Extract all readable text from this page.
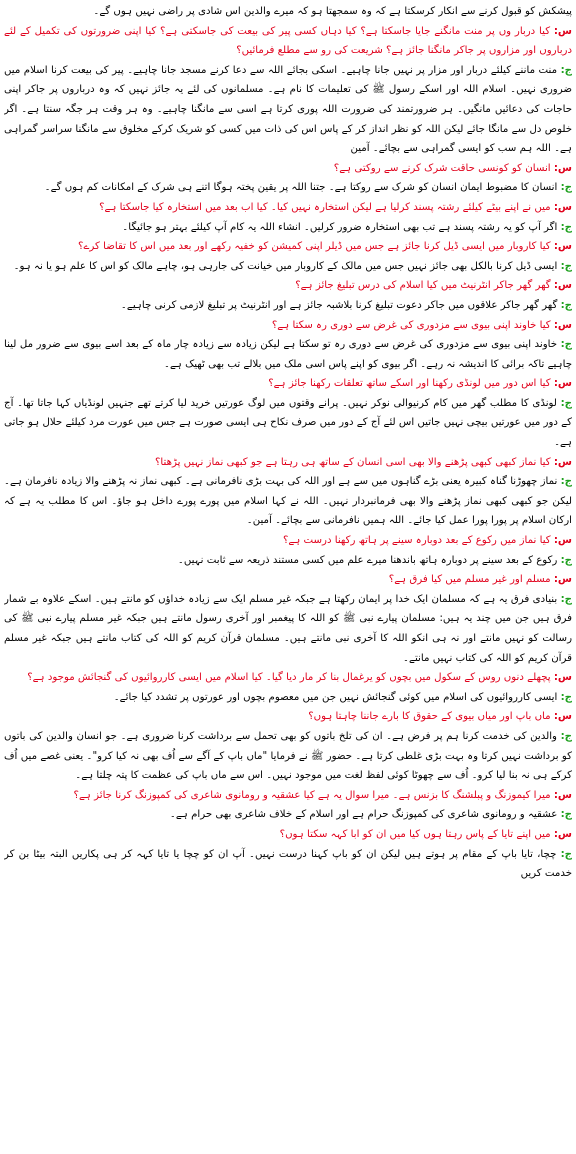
پیشکش کو قبول کرنے سے انکار کرسکتا ہے کہ وہ سمجھتا ہو کہ میرے والدین اس شادی پر راضی نہیں ہوں گے۔

س: کیا دربار وں پر منت مانگنے جایا جاسکتا ہے؟ کیا دہاں کسی پیر کی بیعت کی جاسکتی ہے؟ کیا اپنی ضرورتوں کی تکمیل کے لئے درباروں اور مزاروں پر جاکر مانگنا جائز ہے؟ شریعت کی رو سے مطلع فرمائیں؟

ج: منت ماننے کیلئے دربار اور مزار پر نہیں جانا چاہیے۔ اسکی بجائے اللہ سے دعا کرنے مسجد جانا چاہیے۔ پیر کی بیعت کرنا اسلام میں ضروری نہیں۔ اسلام اللہ اور اسکے رسول ﷺ کی تعلیمات کا نام ہے۔ مسلمانوں کی لئے یہ جائز نہیں کہ وہ درباروں پر جاکر اپنی حاجات کی دعائیں مانگیں۔ ہر ضرورتمند کی ضرورت اللہ پوری کرتا ہے اسی سے مانگنا چاہیے۔ وہ ہر وقت ہر جگہ سنتا ہے۔ اگر خلوص دل سے مانگا جائے لیکن اللہ کو نظر انداز کر کے پاس اس کی ذات میں کسی کو شریک کرکے مخلوق سے مانگنا سراسر گمراہی ہے۔ اللہ ہم سب کو ایسی گمراہی سے بچائے۔ آمین

س: انسان کو کونسی حاقت شرک کرنے سے روکتی ہے؟

ج: انسان کا مضبوط ایمان انسان کو شرک سے روکتا ہے۔ جتنا اللہ پر یقین پختہ ہوگا اتنے ہی شرک کے امکانات کم ہوں گے۔

س: میں نے اپنے بیٹے کیلئے رشتہ پسند کرلیا ہے لیکن استخارہ نہیں کیا۔ کیا اب بعد میں استخارہ کیا جاسکتا ہے؟

ج: اگر آپ کو یہ رشتہ پسند ہے تب بھی استخارہ ضرور کرلیں۔ انشاء اللہ یہ کام آپ کیلئے بہتر ہو جائیگا۔

س: کیا کاروبار میں ایسی ڈیل کرنا جائز ہے جس میں ڈیلر اپنی کمیشن کو خفیہ رکھے اور بعد میں اس کا تقاضا کرے؟

ج: ایسی ڈیل کرنا بالکل بھی جائز نہیں جس میں مالک کے کاروبار میں خیانت کی جارہی ہو، چاہے مالک کو اس کا علم ہو یا نہ ہو۔

س: گھر گھر جاکر انٹرنیٹ میں کیا اسلام کی درس تبلیغ جائز ہے؟

ج: گھر گھر جاکر علاقوں میں جاکر دعوت تبلیغ کرنا بلاشبہ جائز ہے اور انٹرنیٹ پر تبلیغ لازمی کرنی چاہیے۔

س: کیا خاوند اپنی بیوی سے مزدوری کی غرض سے دوری رہ سکتا ہے؟

ج: خاوند اپنی بیوی سے مزدوری کی غرض سے دوری رہ تو سکتا ہے لیکن زیادہ سے زیادہ چار ماہ کے بعد اسے بیوی سے ضرور مل لینا چاہیے تاکہ برائی کا اندیشہ نہ رہے۔ اگر بیوی کو اپنے پاس اسی ملک میں بلالے تب بھی ٹھیک ہے۔

س: کیا اس دور میں لونڈی رکھنا اور اسکے ساتھ تعلقات رکھنا جائز ہے؟

ج: لونڈی کا مطلب گھر میں کام کرنیوالی نوکر نہیں۔ پرانے وقتوں میں لوگ عورتیں خرید لیا کرتے تھے جنہیں لونڈیاں کہا جاتا تھا۔ آج کے دور میں عورتیں بیچی نہیں جاتیں اس لئے آج کے دور میں صرف نکاح ہی ایسی صورت ہے جس میں عورت مرد کیلئے حلال ہو جاتی ہے۔

س: کیا نماز کبھی کبھی پڑھنے والا بھی اسی انسان کے ساتھ ہی رہتا ہے جو کبھی نماز نہیں پڑھتا؟

ج: نماز چھوڑنا گناہ کبیرہ یعنی بڑے گناہوں میں سے ہے اور اللہ کی بہت بڑی نافرمانی ہے۔ کبھی نماز نہ پڑھنے والا زیادہ نافرمان ہے۔ لیکن جو کبھی کبھی نماز پڑھنے والا بھی فرمانبردار نہیں۔ اللہ نے کہا اسلام میں پورے پورے داخل ہو جاؤ۔ اس کا مطلب یہ ہے کہ ارکان اسلام پر پورا پورا عمل کیا جائے۔ اللہ ہمیں نافرمانی سے بچائے۔ آمین۔

س: کیا نماز میں رکوع کے بعد دوبارہ سینے پر ہاتھ رکھنا درست ہے؟

ج: رکوع کے بعد سینے پر دوبارہ ہاتھ باندھنا میرے علم میں کسی مستند ذریعہ سے ثابت نہیں۔

س: مسلم اور غیر مسلم میں کیا فرق ہے؟

ج: بنیادی فرق یہ ہے کہ مسلمان ایک خدا پر ایمان رکھتا ہے جبکہ غیر مسلم ایک سے زیادہ خداؤں کو مانتے ہیں۔ اسکے علاوہ بے شمار فرق ہیں جن میں چند یہ ہیں: مسلمان پیارے نبی ﷺ کو اللہ کا پیغمبر اور آخری رسول مانتے ہیں جبکہ غیر مسلم پیارے نبی ﷺ کی رسالت کو نہیں مانتے اور نہ ہی انکو اللہ کا آخری نبی مانتے ہیں۔ مسلمان قرآن کریم کو اللہ کی کتاب مانتے ہیں جبکہ غیر مسلم قرآن کریم کو اللہ کی کتاب نہیں مانتے۔

س: پچھلے دنوں روس کے سکول میں بچوں کو یرغمال بنا کر مار دیا گیا۔ کیا اسلام میں ایسی کارروائیوں کی گنجائش موجود ہے؟

ج: ایسی کارروائیوں کی اسلام میں کوئی گنجائش نہیں جن میں معصوم بچوں اور عورتوں پر تشدد کیا جائے۔

س: ماں باپ اور میاں بیوی کے حقوق کا بارے جاننا چاہتا ہوں؟

ج: والدین کی خدمت کرنا ہم پر فرض ہے۔ ان کی تلخ باتوں کو بھی تحمل سے برداشت کرنا ضروری ہے۔ جو انسان والدین کی باتوں کو برداشت نہیں کرتا وہ بہت بڑی غلطی کرتا ہے۔ حضور ﷺ نے فرمایا "ماں باپ کے آگے سے اُف بھی نہ کیا کرو"۔ یعنی غصے میں اُف کرکے ہی نہ بنا لیا کرو۔ اُف سے چھوٹا کوئی لفظ لغت میں موجود نہیں۔ اس سے ماں باپ کی عظمت کا پتہ چلتا ہے۔

س: میرا کیموزنگ و پبلشنگ کا بزنس ہے۔ میرا سوال یہ ہے کیا عشقیہ و رومانوی شاعری کی کمپوزنگ کرنا جائز ہے؟

ج: عشقیہ و رومانوی شاعری کی کمپوزنگ حرام ہے اور اسلام کے خلاف شاعری بھی حرام ہے۔

س: میں اپنے تایا کے پاس رہتا ہوں کیا میں ان کو ابا کہہ سکتا ہوں؟

ج: چچا، تایا باپ کے مقام پر ہوتے ہیں لیکن ان کو باپ کہنا درست نہیں۔ آپ ان کو چچا یا تایا کہہ کر ہی پکاریں البتہ بیٹا بن کر خدمت کریں
